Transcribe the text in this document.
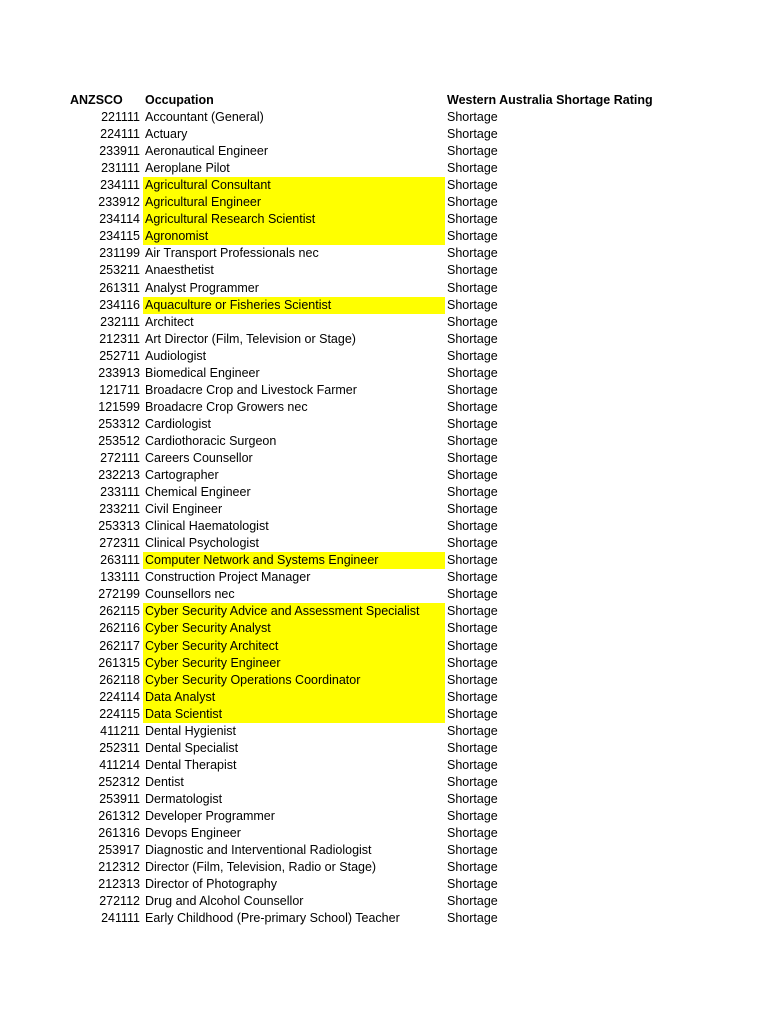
ANZSCO	Occupation	Western Australia Shortage Rating
221111 Accountant (General)	Shortage
224111 Actuary	Shortage
233911 Aeronautical Engineer	Shortage
231111 Aeroplane Pilot	Shortage
234111 Agricultural Consultant	Shortage
233912 Agricultural Engineer	Shortage
234114 Agricultural Research Scientist	Shortage
234115 Agronomist	Shortage
231199 Air Transport Professionals nec	Shortage
253211 Anaesthetist	Shortage
261311 Analyst Programmer	Shortage
234116 Aquaculture or Fisheries Scientist	Shortage
232111 Architect	Shortage
212311 Art Director (Film, Television or Stage)	Shortage
252711 Audiologist	Shortage
233913 Biomedical Engineer	Shortage
121711 Broadacre Crop and Livestock Farmer	Shortage
121599 Broadacre Crop Growers nec	Shortage
253312 Cardiologist	Shortage
253512 Cardiothoracic Surgeon	Shortage
272111 Careers Counsellor	Shortage
232213 Cartographer	Shortage
233111 Chemical Engineer	Shortage
233211 Civil Engineer	Shortage
253313 Clinical Haematologist	Shortage
272311 Clinical Psychologist	Shortage
263111 Computer Network and Systems Engineer	Shortage
133111 Construction Project Manager	Shortage
272199 Counsellors nec	Shortage
262115 Cyber Security Advice and Assessment Specialist	Shortage
262116 Cyber Security Analyst	Shortage
262117 Cyber Security Architect	Shortage
261315 Cyber Security Engineer	Shortage
262118 Cyber Security Operations Coordinator	Shortage
224114 Data Analyst	Shortage
224115 Data Scientist	Shortage
411211 Dental Hygienist	Shortage
252311 Dental Specialist	Shortage
411214 Dental Therapist	Shortage
252312 Dentist	Shortage
253911 Dermatologist	Shortage
261312 Developer Programmer	Shortage
261316 Devops Engineer	Shortage
253917 Diagnostic and Interventional Radiologist	Shortage
212312 Director (Film, Television, Radio or Stage)	Shortage
212313 Director of Photography	Shortage
272112 Drug and Alcohol Counsellor	Shortage
241111 Early Childhood (Pre-primary School) Teacher	Shortage
